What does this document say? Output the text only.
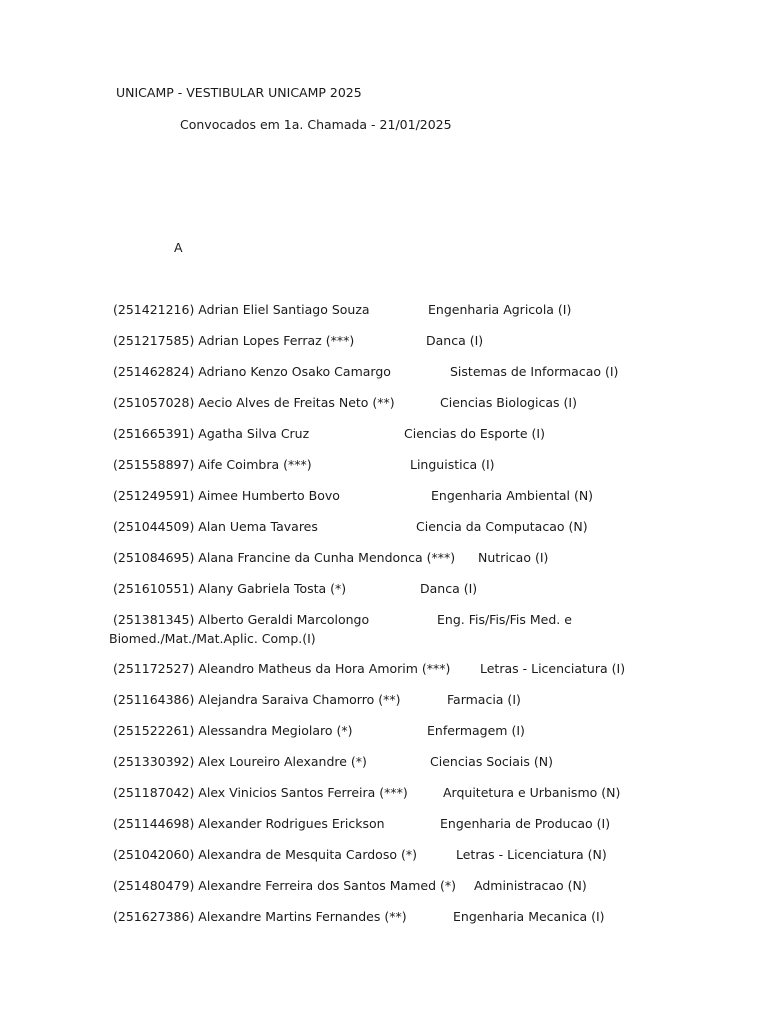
UNICAMP - VESTIBULAR UNICAMP 2025
Convocados em 1a. Chamada - 21/01/2025
A
(251421216) Adrian Eliel Santiago Souza	Engenharia Agricola (I)
(251217585) Adrian Lopes Ferraz (***)	Danca (I)
(251462824) Adriano Kenzo Osako Camargo	Sistemas de Informacao (I)
(251057028) Aecio Alves de Freitas Neto (**)	Ciencias Biologicas (I)
(251665391) Agatha Silva Cruz	Ciencias do Esporte (I)
(251558897) Aife Coimbra (***)	Linguistica (I)
(251249591) Aimee Humberto Bovo	Engenharia Ambiental (N)
(251044509) Alan Uema Tavares	Ciencia da Computacao (N)
(251084695) Alana Francine da Cunha Mendonca (***) Nutricao (I)
(251610551) Alany Gabriela Tosta (*)	Danca (I)
(251381345) Alberto Geraldi Marcolongo	Eng. Fis/Fis/Fis Med. e
Biomed./Mat./Mat.Aplic. Comp.(I)
(251172527) Aleandro Matheus da Hora Amorim (***) Letras - Licenciatura (I)
(251164386) Alejandra Saraiva Chamorro (**)	Farmacia (I)
(251522261) Alessandra Megiolaro (*)	Enfermagem (I)
(251330392) Alex Loureiro Alexandre (*)	Ciencias Sociais (N)
(251187042) Alex Vinicios Santos Ferreira (***)	Arquitetura e Urbanismo (N)
(251144698) Alexander Rodrigues Erickson	Engenharia de Producao (I)
(251042060) Alexandra de Mesquita Cardoso (*)	Letras - Licenciatura (N)
(251480479) Alexandre Ferreira dos Santos Mamed (*) Administracao (N)
(251627386) Alexandre Martins Fernandes (**)	Engenharia Mecanica (I)
